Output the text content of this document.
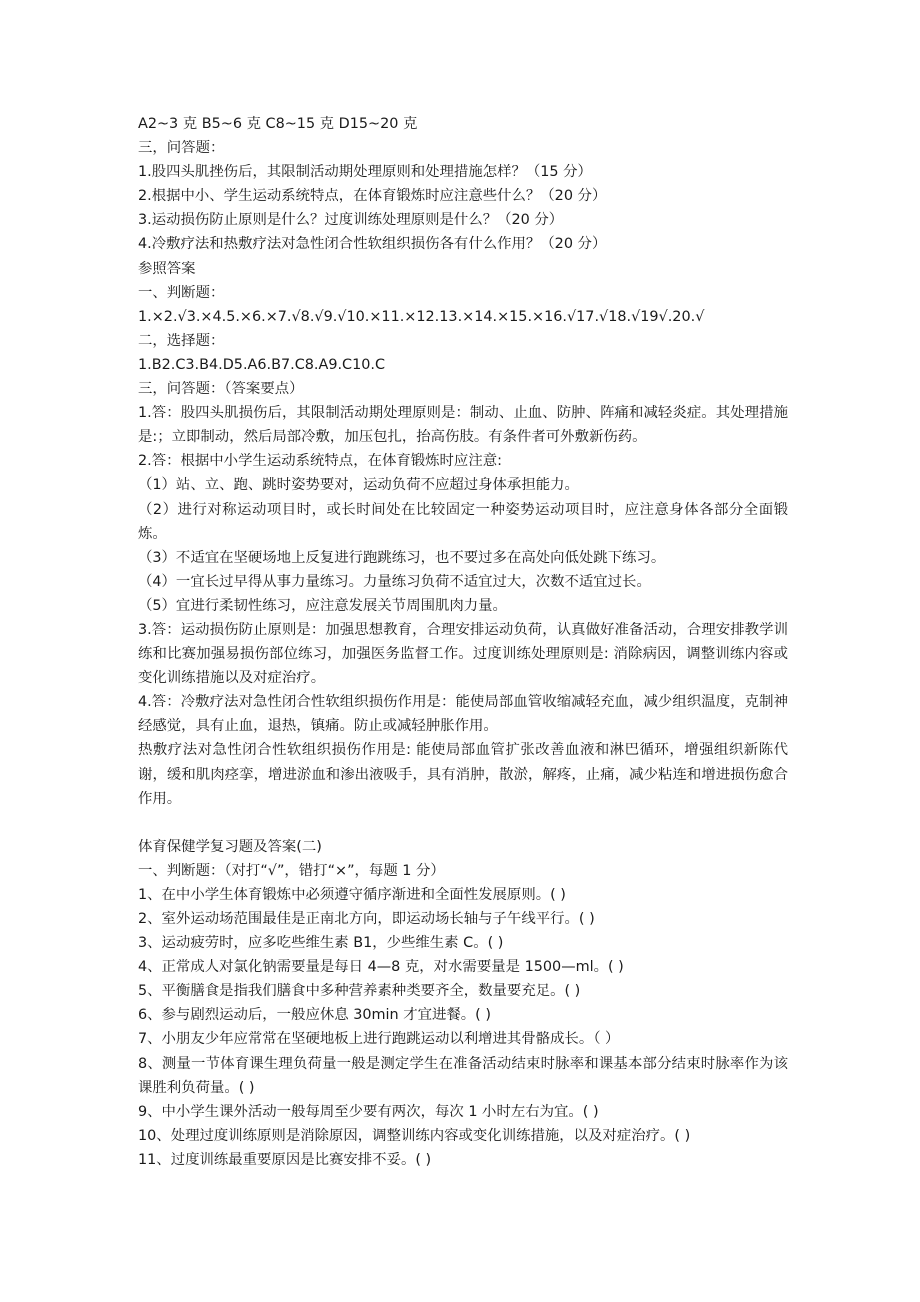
A2~3 克 B5~6 克 C8~15 克 D15~20 克
三，问答题：
1.股四头肌挫伤后，其限制活动期处理原则和处理措施怎样？（15 分）
2.根据中小、学生运动系统特点，在体育锻炼时应注意些什么？（20 分）
3.运动损伤防止原则是什么？过度训练处理原则是什么？（20 分）
4.冷敷疗法和热敷疗法对急性闭合性软组织损伤各有什么作用？（20 分）
参照答案
一、判断题：
1.×2.√3.×4.5.×6.×7.√8.√9.√10.×11.×12.13.×14.×15.×16.√17.√18.√19√.20.√
二，选择题：
1.B2.C3.B4.D5.A6.B7.C8.A9.C10.C
三，问答题：（答案要点）
1.答：股四头肌损伤后，其限制活动期处理原则是：制动、止血、防肿、阵痛和减轻炎症。其处理措施是:；立即制动，然后局部冷敷，加压包扎，抬高伤肢。有条件者可外敷新伤药。
2.答：根据中小学生运动系统特点，在体育锻炼时应注意:
（1）站、立、跑、跳时姿势要对，运动负荷不应超过身体承担能力。
（2）进行对称运动项目时，或长时间处在比较固定一种姿势运动项目时，应注意身体各部分全面锻炼。
（3）不适宜在坚硬场地上反复进行跑跳练习，也不要过多在高处向低处跳下练习。
（4）一宜长过早得从事力量练习。力量练习负荷不适宜过大，次数不适宜过长。
（5）宜进行柔韧性练习，应注意发展关节周围肌肉力量。
3.答：运动损伤防止原则是：加强思想教育，合理安排运动负荷，认真做好准备活动，合理安排教学训练和比赛加强易损伤部位练习，加强医务监督工作。过度训练处理原则是: 消除病因，调整训练内容或变化训练措施以及对症治疗。
4.答：冷敷疗法对急性闭合性软组织损伤作用是：能使局部血管收缩减轻充血，减少组织温度，克制神经感觉，具有止血，退热，镇痛。防止或减轻肿胀作用。
热敷疗法对急性闭合性软组织损伤作用是: 能使局部血管扩张改善血液和淋巴循环，增强组织新陈代谢，缓和肌肉痉挛，增进淤血和渗出液吸手，具有消肿，散淤，解疼，止痛，减少粘连和增进损伤愈合作用。
体育保健学复习题及答案(二)
一、判断题：（对打“√”，错打“×”，每题 1 分）
1、在中小学生体育锻炼中必须遵守循序渐进和全面性发展原则。( )
2、室外运动场范围最佳是正南北方向，即运动场长轴与子午线平行。( )
3、运动疲劳时，应多吃些维生素 B1，少些维生素 C。( )
4、正常成人对氯化钠需要量是每日 4—8 克，对水需要量是 1500—ml。( )
5、平衡膳食是指我们膳食中多种营养素种类要齐全，数量要充足。( )
6、参与剧烈运动后，一般应休息 30min 才宜进餐。( )
7、小朋友少年应常常在坚硬地板上进行跑跳运动以利增进其骨骼成长。（ ）
8、测量一节体育课生理负荷量一般是测定学生在准备活动结束时脉率和课基本部分结束时脉率作为该课胜利负荷量。( )
9、中小学生课外活动一般每周至少要有两次，每次 1 小时左右为宜。( )
10、处理过度训练原则是消除原因，调整训练内容或变化训练措施，以及对症治疗。( )
11、过度训练最重要原因是比赛安排不妥。( )
